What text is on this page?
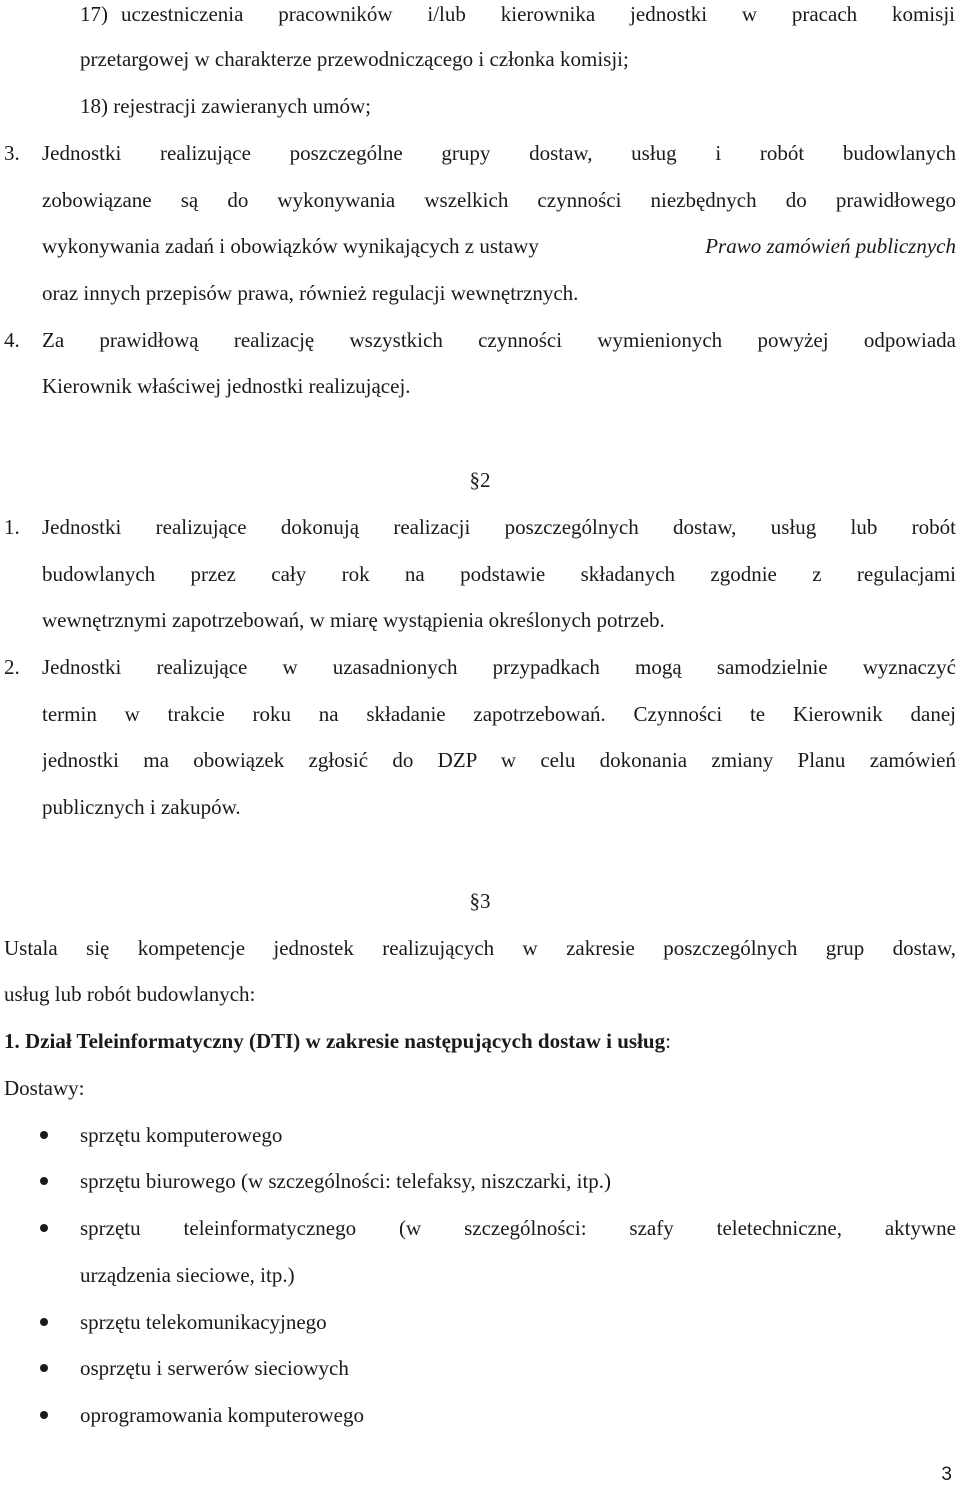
17) uczestniczenia pracowników i/lub kierownika jednostki w pracach komisji
przetargowej w charakterze przewodniczącego i członka komisji;
18) rejestracji zawieranych umów;
3. Jednostki realizujące poszczególne grupy dostaw, usług i robót budowlanych
zobowiązane są do wykonywania wszelkich czynności niezbędnych do prawidłowego
wykonywania zadań i obowiązków wynikających z ustawy	Prawo zamówień publicznych
oraz innych przepisów prawa, również regulacji wewnętrznych.
4. Za prawidłową realizację wszystkich czynności wymienionych powyżej odpowiada
Kierownik właściwej jednostki realizującej.
§2
1. Jednostki realizujące dokonują realizacji poszczególnych dostaw, usług lub robót
budowlanych przez cały rok na podstawie składanych zgodnie z regulacjami
wewnętrznymi zapotrzebowań, w miarę wystąpienia określonych potrzeb.
2. Jednostki realizujące w uzasadnionych przypadkach mogą samodzielnie wyznaczyć
termin w trakcie roku na składanie zapotrzebowań. Czynności te Kierownik danej
jednostki ma obowiązek zgłosić do DZP w celu dokonania zmiany Planu zamówień
publicznych i zakupów.
§3
Ustala się kompetencje jednostek realizujących w zakresie poszczególnych grup dostaw,
usług lub robót budowlanych:
1. Dział Teleinformatyczny (DTI) w zakresie następujących dostaw i usług:
Dostawy:
sprzętu komputerowego
sprzętu biurowego (w szczególności: telefaksy, niszczarki, itp.)
sprzętu teleinformatycznego (w szczególności: szafy teletechniczne, aktywne
urządzenia sieciowe, itp.)
sprzętu telekomunikacyjnego
osprzętu i serwerów sieciowych
oprogramowania komputerowego
3
